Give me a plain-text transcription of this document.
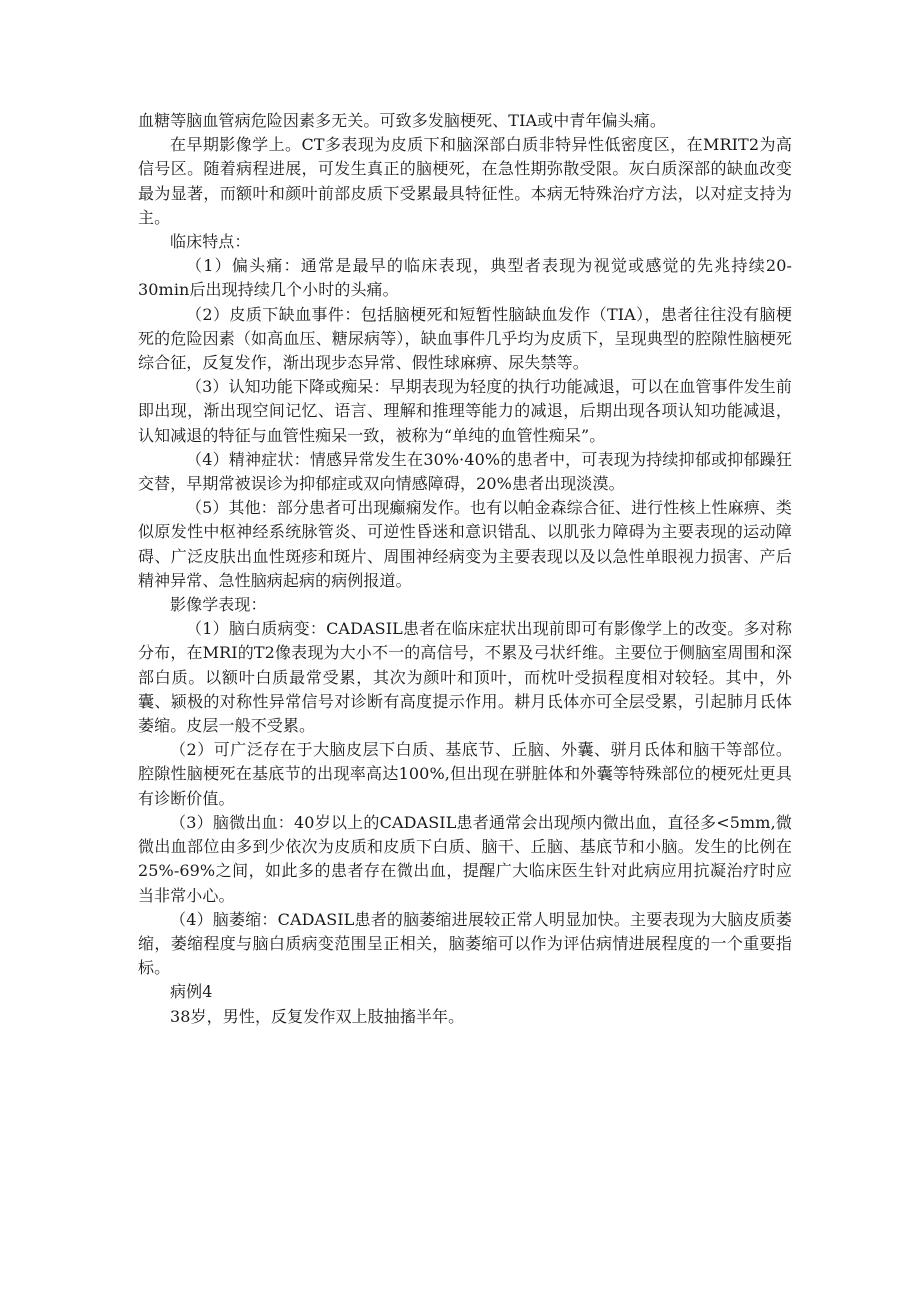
血糖等脑血管病危险因素多无关。可致多发脑梗死、TIA或中青年偏头痛。

在早期影像学上。CT多表现为皮质下和脑深部白质非特异性低密度区，在MRIT2为高信号区。随着病程进展，可发生真正的脑梗死，在急性期弥散受限。灰白质深部的缺血改变最为显著，而额叶和颜叶前部皮质下受累最具特征性。本病无特殊治疗方法，以对症支持为主。

临床特点：

（1）偏头痛：通常是最早的临床表现，典型者表现为视觉或感觉的先兆持续20-30min后出现持续几个小时的头痛。

（2）皮质下缺血事件：包括脑梗死和短暂性脑缺血发作（TIA），患者往往没有脑梗死的危险因素（如高血压、糖尿病等），缺血事件几乎均为皮质下，呈现典型的腔隙性脑梗死综合征，反复发作，渐出现步态异常、假性球麻痹、尿失禁等。

（3）认知功能下降或痴呆：早期表现为轻度的执行功能减退，可以在血管事件发生前即出现，渐出现空间记忆、语言、理解和推理等能力的减退，后期出现各项认知功能减退，认知减退的特征与血管性痴呆一致，被称为“单纯的血管性痴呆”。

（4）精神症状：情感异常发生在30%·40%的患者中，可表现为持续抑郁或抑郁躁狂交替，早期常被误诊为抑郁症或双向情感障碍，20%患者出现淡漠。

（5）其他：部分患者可出现癫痫发作。也有以帕金森综合征、进行性核上性麻痹、类似原发性中枢神经系统脉管炎、可逆性昏迷和意识错乱、以肌张力障碍为主要表现的运动障碍、广泛皮肤出血性斑疹和斑片、周围神经病变为主要表现以及以急性单眼视力损害、产后精神异常、急性脑病起病的病例报道。

影像学表现：

（1）脑白质病变：CADASIL患者在临床症状出现前即可有影像学上的改变。多对称分布，在MRI的T2像表现为大小不一的高信号，不累及弓状纤维。主要位于侧脑室周围和深部白质。以额叶白质最常受累，其次为颜叶和顶叶，而枕叶受损程度相对较轻。其中，外囊、颍极的对称性异常信号对诊断有高度提示作用。耕月氐体亦可全层受累，引起肺月氐体萎缩。皮层一般不受累。

（2）可广泛存在于大脑皮层下白质、基底节、丘脑、外囊、骈月氐体和脑干等部位。腔隙性脑梗死在基底节的出现率高达100%,但出现在骈脏体和外囊等特殊部位的梗死灶更具有诊断价值。

（3）脑微出血：40岁以上的CADASIL患者通常会出现颅内微出血，直径多<5mm,微微出血部位由多到少依次为皮质和皮质下白质、脑干、丘脑、基底节和小脑。发生的比例在25%-69%之间，如此多的患者存在微出血，提醒广大临床医生针对此病应用抗凝治疗时应当非常小心。

（4）脑萎缩：CADASIL患者的脑萎缩进展较正常人明显加快。主要表现为大脑皮质萎缩，萎缩程度与脑白质病变范围呈正相关，脑萎缩可以作为评估病情进展程度的一个重要指标。

病例4

38岁，男性，反复发作双上肢抽搐半年。
